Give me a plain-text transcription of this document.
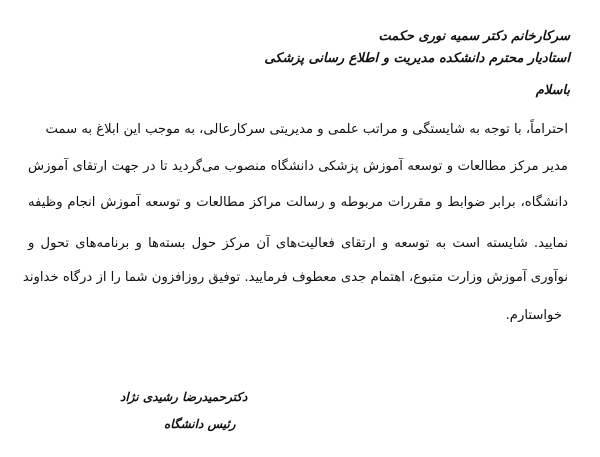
سرکارخانم دکتر سمیه نوری حکمت
استادیار محترم دانشکده مدیریت و اطلاع رسانی پزشکی
باسلام
احتراماً، با توجه به شایستگی و مراتب علمی و مدیریتی سرکارعالی، به موجب این ابلاغ به سمت
مدیر مرکز مطالعات و توسعه آموزش پزشکی دانشگاه منصوب می‌گردید تا در جهت ارتقای آموزش
دانشگاه، برابر ضوابط و مقررات مربوطه و رسالت مراکز مطالعات و توسعه آموزش انجام وظیفه
نمایید. شایسته است به توسعه و ارتقای فعالیت‌های آن مرکز حول بسته‌ها و برنامه‌های تحول و
نوآوری آموزش وزارت متبوع، اهتمام جدی معطوف فرمایید. توفیق روزافزون شما را از درگاه خداوند
خواستارم.
دکترحمیدرضا رشیدی نژاد
رئیس دانشگاه
